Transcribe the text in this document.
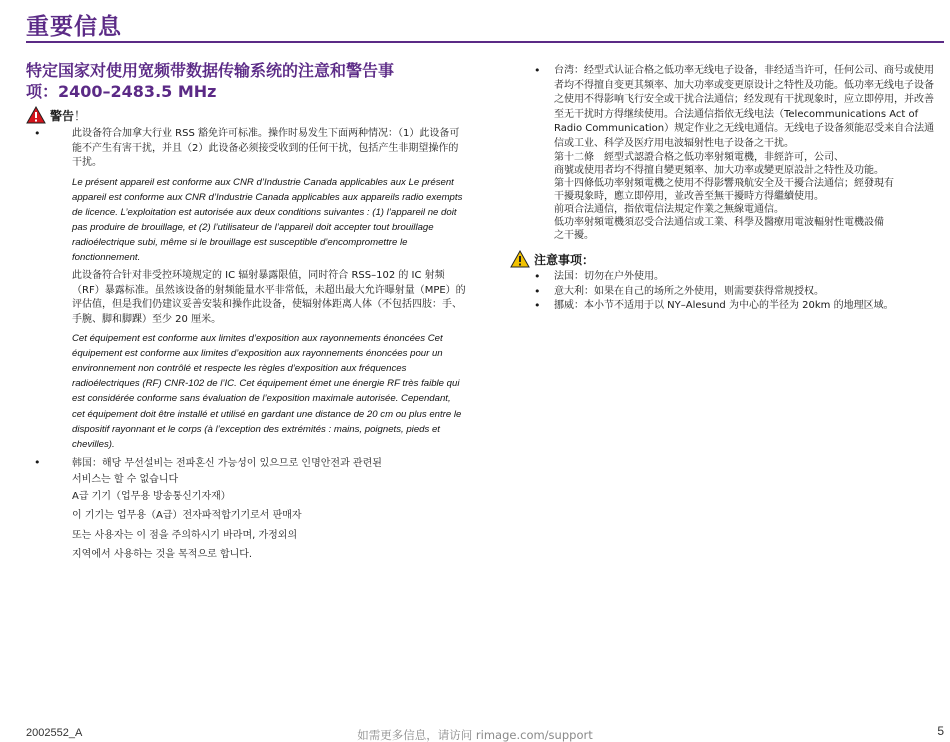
重要信息
特定国家对使用宽频带数据传输系统的注意和警告事
项：2400–2483.5 MHz
警告！
• 此设备符合加拿大行业 RSS 豁免许可标准。操作时易发生下面两种情况：（1）此设备可能不产生有害干扰，并且（2）此设备必须接受收到的任何干扰，包括产生非期望操作的干扰。
Le présent appareil est conforme aux CNR d’Industrie Canada applicables aux Le présent appareil est conforme aux CNR d’Industrie Canada applicables aux appareils radio exempts de licence. L’exploitation est autorisée aux deux conditions suivantes : (1) l’appareil ne doit pas produire de brouillage, et (2) l’utilisateur de l’appareil doit accepter tout brouillage radioélectrique subi, même si le brouillage est susceptible d’encompromettre le fonctionnement.
此设备符合针对非受控环境规定的 IC 辐射暴露限值，同时符合 RSS–102 的 IC 射频（RF）暴露标准。虽然该设备的射频能量水平非常低，未超出最大允许曝射量（MPE）的评估值，但是我们仍建议妥善安装和操作此设备，使辐射体距离人体（不包括四肢：手、手腕、脚和脚踝）至少 20 厘米。
Cet équipement est conforme aux limites d’exposition aux rayonnements énoncées Cet équipement est conforme aux limites d’exposition aux rayonnements énoncées pour un environnement non contrôlé et respecte les règles d’exposition aux fréquences radioélectriques (RF) CNR-102 de l’IC. Cet équipement émet une énergie RF très faible qui est considérée conforme sans évaluation de l’exposition maximale autorisée. Cependant, cet équipement doit être installé et utilisé en gardant une distance de 20 cm ou plus entre le dispositif rayonnant et le corps (à l’exception des extrémités : mains, poignets, pieds et chevilles).
• 韩国：해당 무선설비는 전파혼신 가능성이 있으므로 인명안전과 관련된
서비스는 할 수 없습니다
A급 기기（업무용 방송통신기자재）
이 기기는 업무용（A급）전자파적합기기로서 판매자
또는 사용자는 이 점을 주의하시기 바라며, 가정외의
지역에서 사용하는 것을 목적으로 합니다.
• 台湾：经型式认证合格之低功率无线电子设备，非经适当许可，任何公司、商号或使用者均不得擅自变更其频率、加大功率或变更原设计之特性及功能。低功率无线电子设备之使用不得影响飞行安全或干扰合法通信；经发现有干扰现象时，应立即停用，并改善至无干扰时方得继续使用。合法通信指依无线电法（Telecommunications Act of Radio Communication）规定作业之无线电通信。无线电子设备须能忍受来自合法通信或工业、科学及医疗用电波辐射性电子设备之干扰。
第十二條　經型式認證合格之低功率射頻電機，非經許可，公司、
商號或使用者均不得擅自變更頻率、加大功率或變更原設計之特性及功能。
第十四條低功率射頻電機之使用不得影響飛航安全及干擾合法通信；經發現有
干擾現象時，應立即停用，並改善至無干擾時方得繼續使用。
前項合法通信，指依電信法規定作業之無線電通信。
低功率射頻電機須忍受合法通信或工業、科學及醫療用電波輻射性電機設備
之干擾。
注意事项：
• 法国：切勿在户外使用。
• 意大利：如果在自己的场所之外使用，则需要获得常规授权。
• 挪威：本小节不适用于以 NY–Alesund 为中心的半径为 20km 的地理区域。
2002552_A	如需更多信息，请访问 rimage.com/support	5
